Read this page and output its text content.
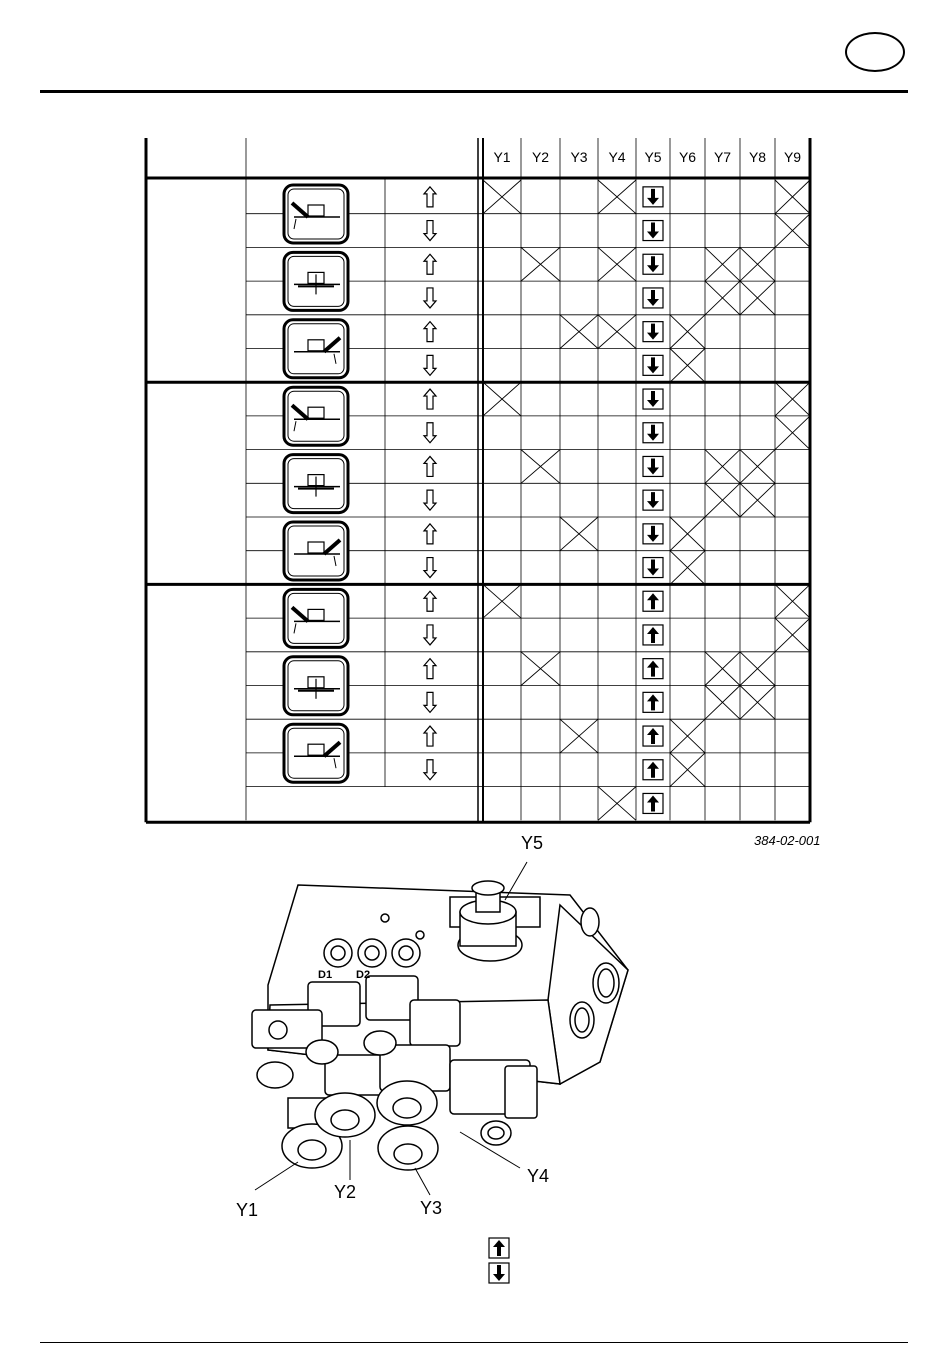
Y1 Y2 Y3 Y4 Y5 Y6 Y7 Y8 Y9
384-02-001
D1 D2
Y5
Y1
Y2
Y3
Y4
